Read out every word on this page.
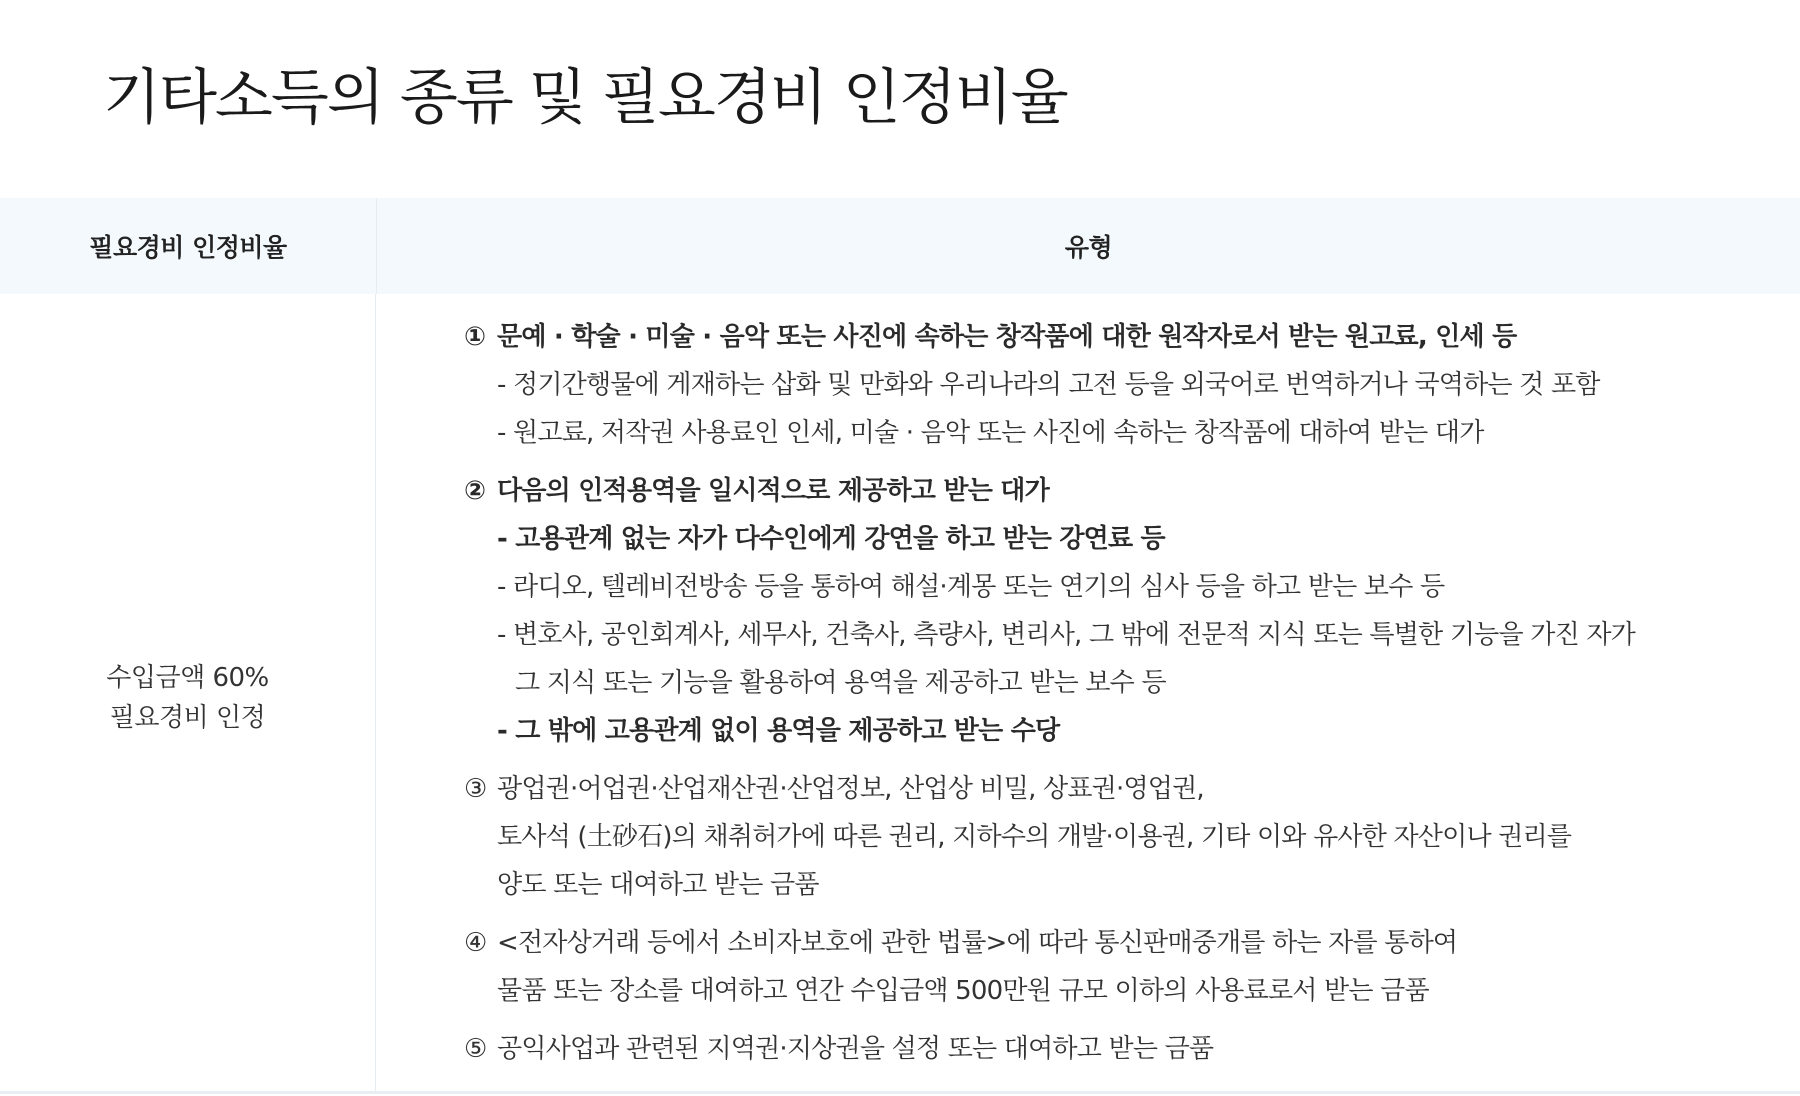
기타소득의 종류 및 필요경비 인정비율
필요경비 인정비율	유형
수입금액 60%
필요경비 인정
① 문예 · 학술 · 미술 · 음악 또는 사진에 속하는 창작품에 대한 원작자로서 받는 원고료, 인세 등
- 정기간행물에 게재하는 삽화 및 만화와 우리나라의 고전 등을 외국어로 번역하거나 국역하는 것 포함
- 원고료, 저작권 사용료인 인세, 미술 · 음악 또는 사진에 속하는 창작품에 대하여 받는 대가
② 다음의 인적용역을 일시적으로 제공하고 받는 대가
- 고용관계 없는 자가 다수인에게 강연을 하고 받는 강연료 등
- 라디오, 텔레비전방송 등을 통하여 해설·계몽 또는 연기의 심사 등을 하고 받는 보수 등
- 변호사, 공인회계사, 세무사, 건축사, 측량사, 변리사, 그 밖에 전문적 지식 또는 특별한 기능을 가진 자가
그 지식 또는 기능을 활용하여 용역을 제공하고 받는 보수 등
- 그 밖에 고용관계 없이 용역을 제공하고 받는 수당
③ 광업권·어업권·산업재산권·산업정보, 산업상 비밀, 상표권·영업권,
토사석 (土砂石)의 채취허가에 따른 권리, 지하수의 개발·이용권, 기타 이와 유사한 자산이나 권리를
양도 또는 대여하고 받는 금품
④ <전자상거래 등에서 소비자보호에 관한 법률>에 따라 통신판매중개를 하는 자를 통하여
물품 또는 장소를 대여하고 연간 수입금액 500만원 규모 이하의 사용료로서 받는 금품
⑤ 공익사업과 관련된 지역권·지상권을 설정 또는 대여하고 받는 금품
